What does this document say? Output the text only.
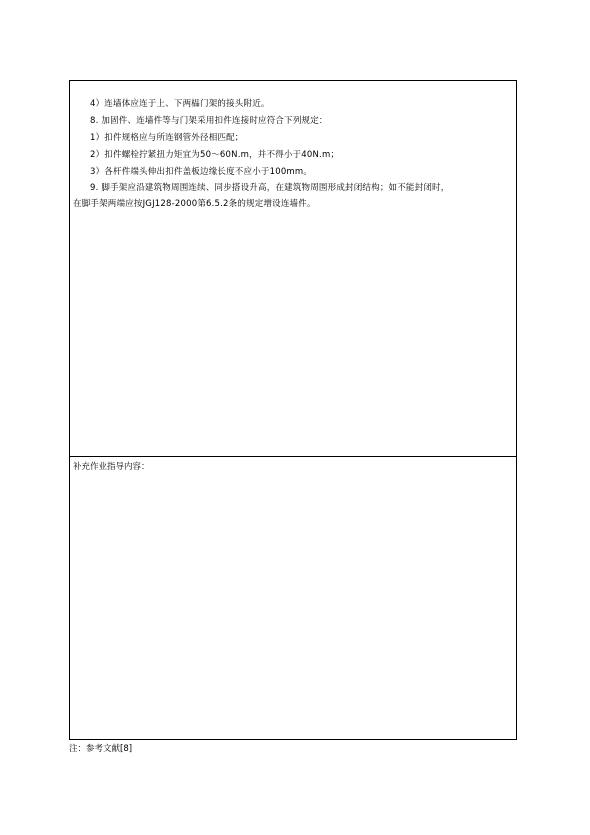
4）连墙体应连于上、下两榀门架的接头附近。
8. 加固件、连墙件等与门架采用扣件连接时应符合下列规定：
1）扣件规格应与所连钢管外径相匹配；
2）扣件螺栓拧紧扭力矩宜为50～60N.m，并不得小于40N.m；
3）各杆件端头伸出扣件盖板边缘长度不应小于100mm。
9. 脚手架应沿建筑物周围连续、同步搭设升高，在建筑物周围形成封闭结构；如不能封闭时，
在脚手架两端应按JGJ128-2000第6.5.2条的规定增设连墙件。
补充作业指导内容：
注：参考文献[8]
